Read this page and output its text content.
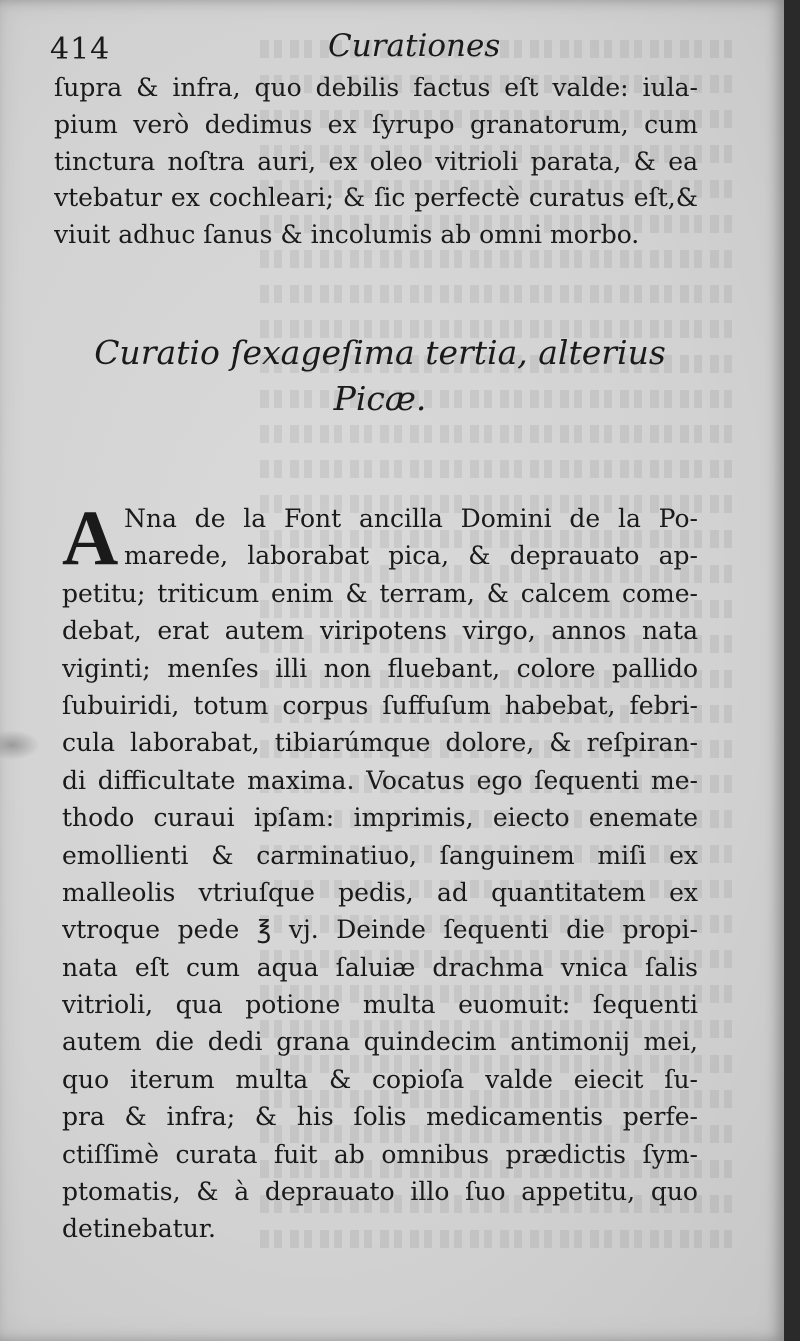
414	Curationes
ſupra & infra, quo debilis factus eſt valde: iula-
pium verò dedimus ex ſyrupo granatorum, cum
tinctura noſtra auri, ex oleo vitrioli parata, & ea
vtebatur ex cochleari; & ſic perfectè curatus eſt,&
viuit adhuc ſanus & incolumis ab omni morbo.
Curatio ſexageſima tertia, alterius
Picæ.
A Nna de la Font ancilla Domini de la Po-
marede, laborabat pica, & deprauato ap-
petitu; triticum enim & terram, & calcem come-
debat, erat autem viripotens virgo, annos nata
viginti; menſes illi non fluebant, colore pallido
ſubuiridi, totum corpus ſuffuſum habebat, febri-
cula laborabat, tibiarúmque dolore, & reſpiran-
di difficultate maxima. Vocatus ego ſequenti me-
thodo curaui ipſam: imprimis, eiecto enemate
emollienti & carminatiuo, ſanguinem miſi ex
malleolis vtriuſque pedis, ad quantitatem ex
vtroque pede ℥ vj. Deinde ſequenti die propi-
nata eſt cum aqua ſaluiæ drachma vnica ſalis
vitrioli, qua potione multa euomuit: ſequenti
autem die dedi grana quindecim antimonij mei,
quo iterum multa & copioſa valde eiecit ſu-
pra & infra; & his ſolis medicamentis perfe-
ctiſſimè curata fuit ab omnibus prædictis ſym-
ptomatis, & à deprauato illo ſuo appetitu, quo
detinebatur.
